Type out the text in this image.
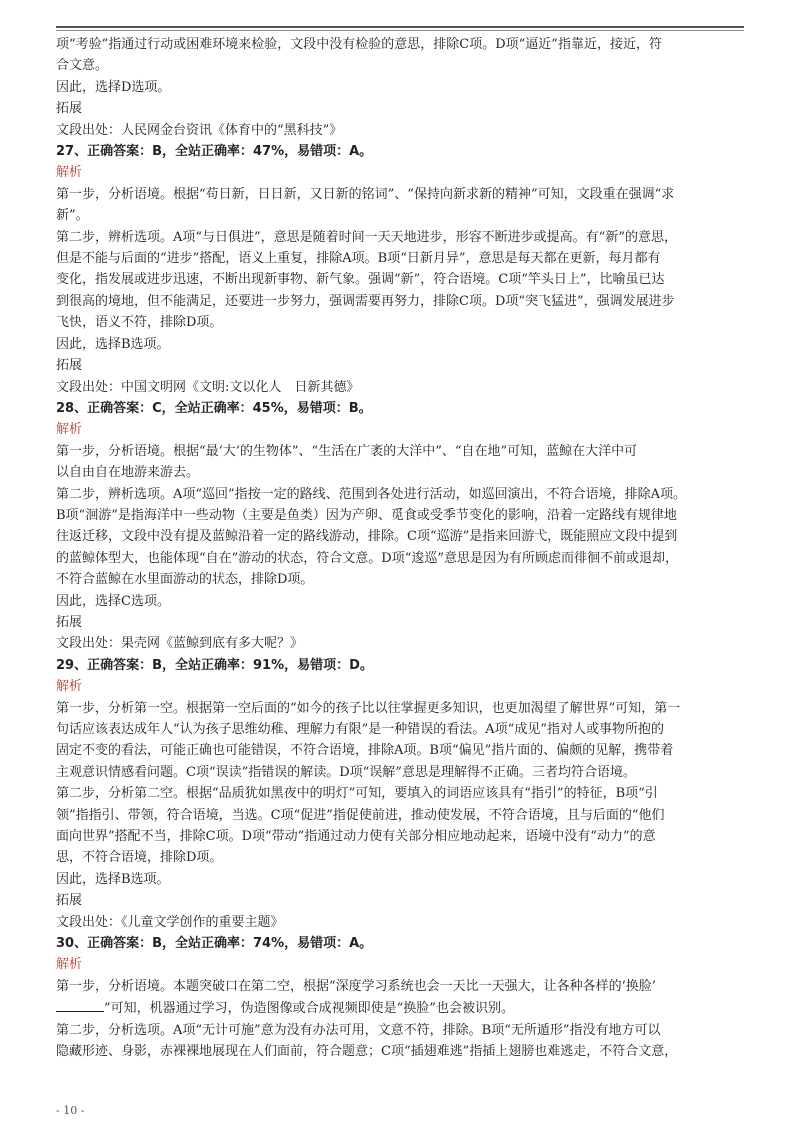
项“考验”指通过行动或困难环境来检验，文段中没有检验的意思，排除C项。D项“逼近”指靠近，接近，符

合文意。

因此，选择D选项。

拓展

文段出处：人民网金台资讯《体育中的“黑科技”》

27、正确答案：B，全站正确率：47%，易错项：A。

解析

第一步，分析语境。根据“苟日新，日日新，又日新的铭词”、“保持向新求新的精神”可知，文段重在强调“求

新”。

第二步，辨析选项。A项“与日俱进”，意思是随着时间一天天地进步，形容不断进步或提高。有“新”的意思，

但是不能与后面的“进步”搭配，语义上重复，排除A项。B项“日新月异”，意思是每天都在更新，每月都有

变化，指发展或进步迅速，不断出现新事物、新气象。强调“新”，符合语境。C项“竿头日上”，比喻虽已达

到很高的境地，但不能满足，还要进一步努力，强调需要再努力，排除C项。D项“突飞猛进”，强调发展进步

飞快，语义不符，排除D项。

因此，选择B选项。

拓展

文段出处：中国文明网《文明:文以化人　日新其德》

28、正确答案：C，全站正确率：45%，易错项：B。

解析

第一步，分析语境。根据“最‘大’的生物体”、“生活在广袤的大洋中”、“自在地”可知，蓝鲸在大洋中可

以自由自在地游来游去。

第二步，辨析选项。A项“巡回”指按一定的路线、范围到各处进行活动，如巡回演出，不符合语境，排除A项。

B项“洄游”是指海洋中一些动物（主要是鱼类）因为产卵、觅食或受季节变化的影响，沿着一定路线有规律地

往返迁移，文段中没有提及蓝鲸沿着一定的路线游动，排除。C项“巡游”是指来回游弋，既能照应文段中提到

的蓝鲸体型大，也能体现“自在”游动的状态，符合文意。D项“逡巡”意思是因为有所顾虑而徘徊不前或退却，

不符合蓝鲸在水里面游动的状态，排除D项。

因此，选择C选项。

拓展

文段出处：果壳网《蓝鲸到底有多大呢？》

29、正确答案：B，全站正确率：91%，易错项：D。

解析

第一步，分析第一空。根据第一空后面的“如今的孩子比以往掌握更多知识，也更加渴望了解世界”可知，第一

句话应该表达成年人“认为孩子思维幼稚、理解力有限”是一种错误的看法。A项“成见”指对人或事物所抱的

固定不变的看法，可能正确也可能错误，不符合语境，排除A项。B项“偏见”指片面的、偏颇的见解，携带着

主观意识情感看问题。C项“误读”指错误的解读。D项“误解”意思是理解得不正确。三者均符合语境。

第二步，分析第二空。根据“品质犹如黑夜中的明灯”可知，要填入的词语应该具有“指引”的特征，B项“引

领”指指引、带领，符合语境，当选。C项“促进”指促使前进，推动使发展，不符合语境，且与后面的“他们

面向世界”搭配不当，排除C项。D项“带动”指通过动力使有关部分相应地动起来，语境中没有“动力”的意

思，不符合语境，排除D项。

因此，选择B选项。

拓展

文段出处：《儿童文学创作的重要主题》

30、正确答案：B，全站正确率：74%，易错项：A。

解析

第一步，分析语境。本题突破口在第二空，根据“深度学习系统也会一天比一天强大，让各种各样的‘换脸’

”可知，机器通过学习，伪造图像或合成视频即使是“换脸”也会被识别。

第二步，分析选项。A项“无计可施”意为没有办法可用，文意不符，排除。B项“无所遁形”指没有地方可以

隐藏形迹、身影，赤裸裸地展现在人们面前，符合题意；C项“插翅难逃”指插上翅膀也难逃走，不符合文意，

- 10 -
